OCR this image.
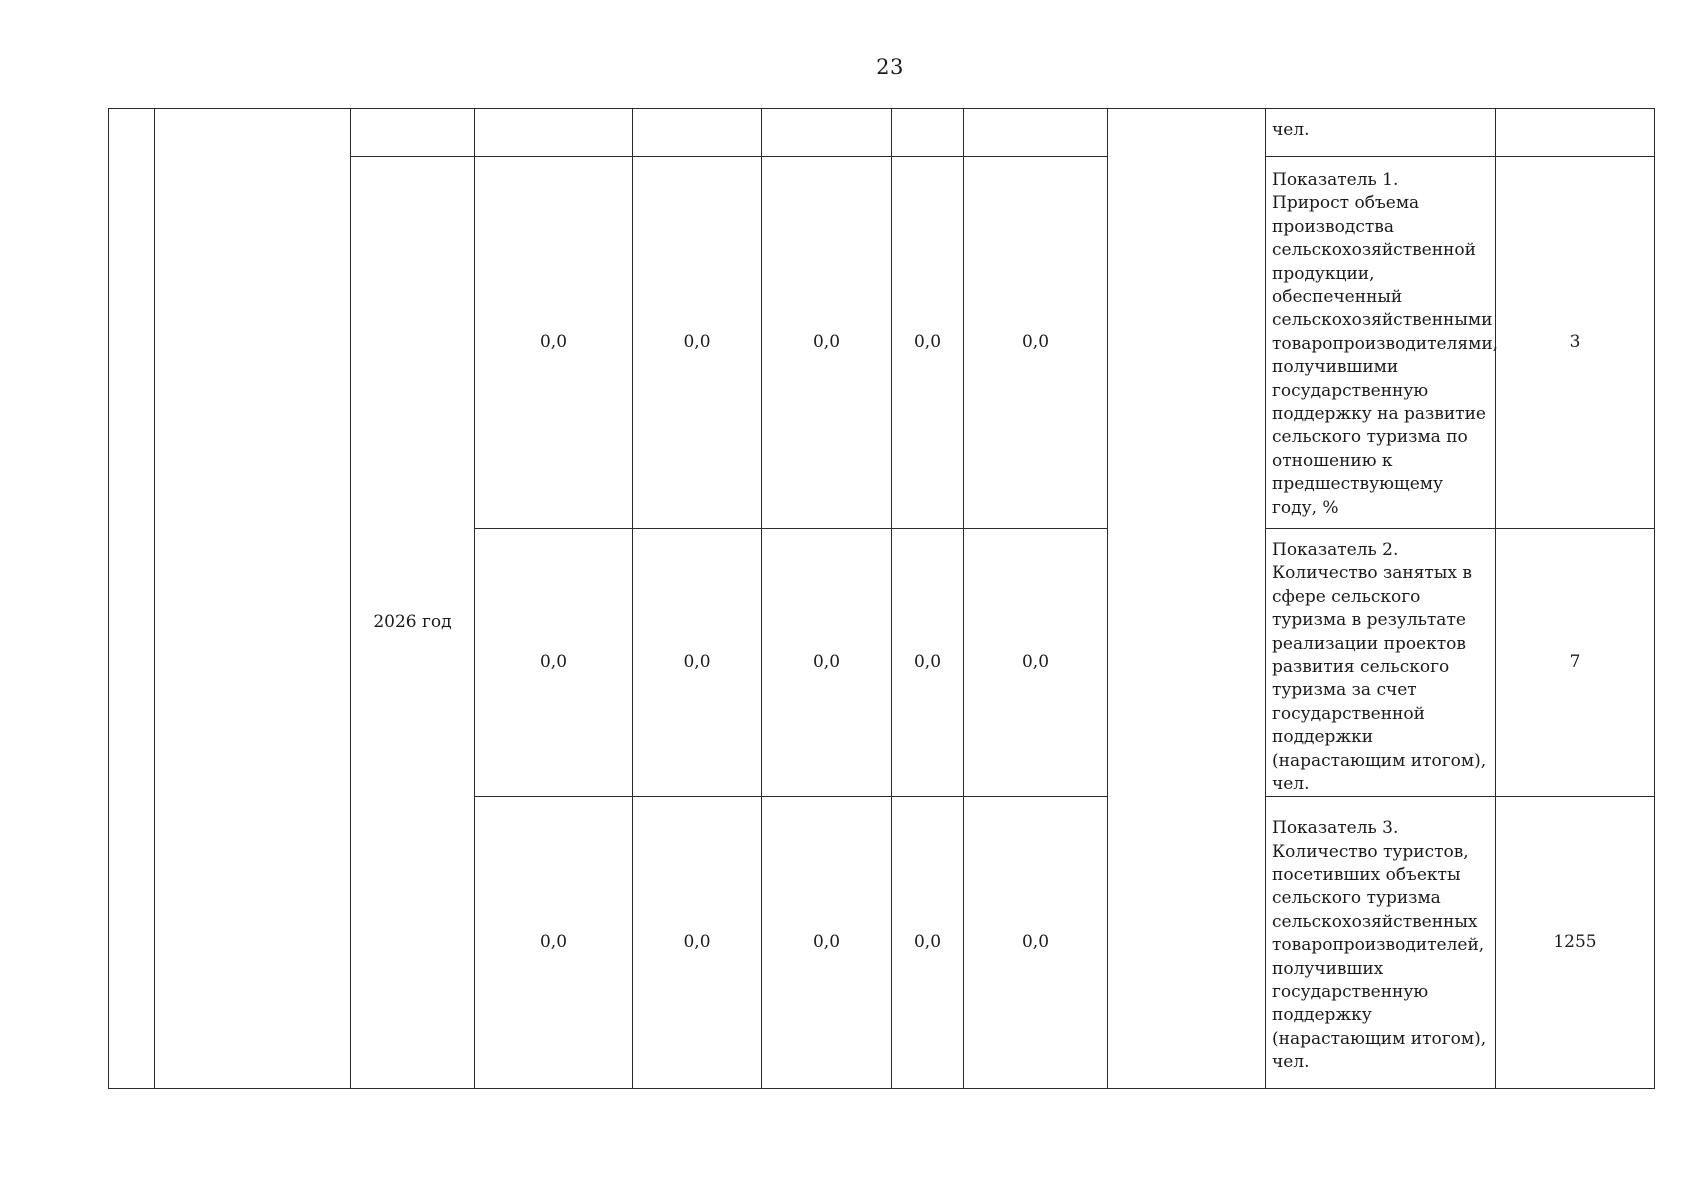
23
									чел.	
		2026 год	0,0	0,0	0,0	0,0	0,0		Показатель 1.
Прирост объема производства сельскохозяйственной продукции, обеспеченный сельскохозяйственными товаропроизводителями, получившими государственную поддержку на развитие сельского туризма по отношению к предшествующему году, %	3
			0,0	0,0	0,0	0,0	0,0		Показатель 2.
Количество занятых в сфере сельского туризма в результате реализации проектов развития сельского туризма за счет государственной поддержки (нарастающим итогом), чел.	7
			0,0	0,0	0,0	0,0	0,0		Показатель 3.
Количество туристов, посетивших объекты сельского туризма сельскохозяйственных товаропроизводителей, получивших государственную поддержку (нарастающим итогом), чел.	1255
